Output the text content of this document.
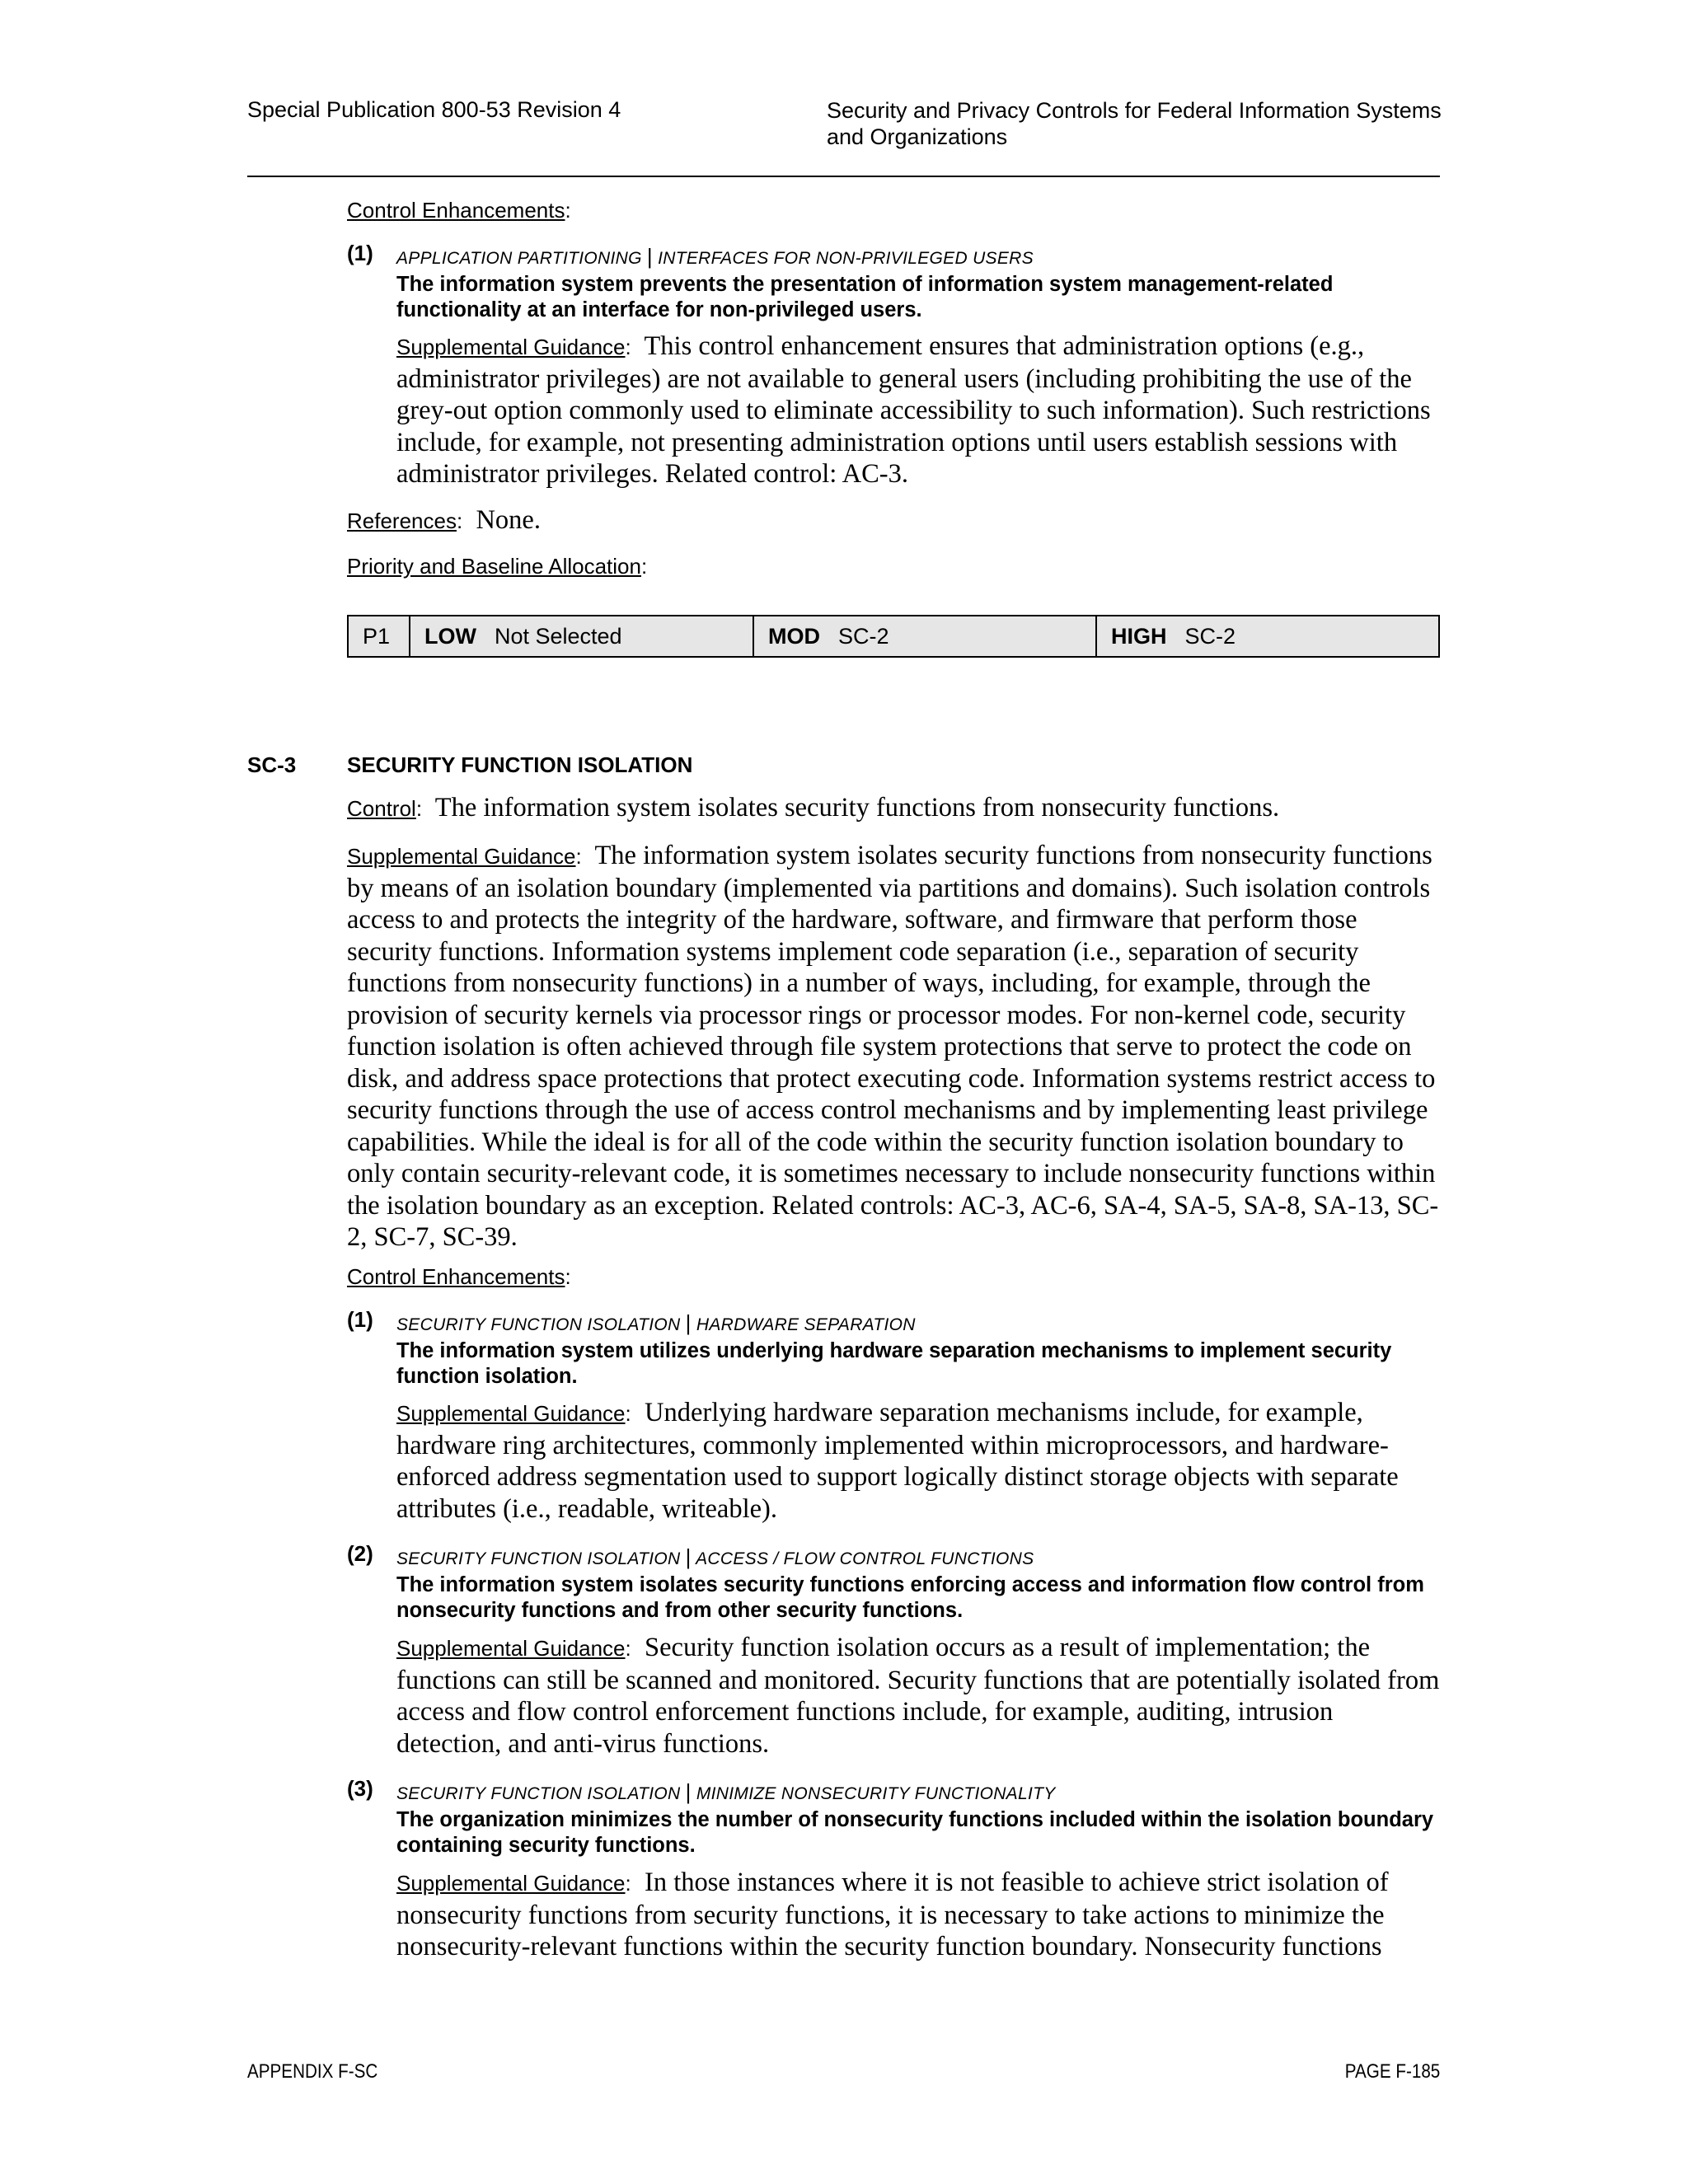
Special Publication 800-53 Revision 4	Security and Privacy Controls for Federal Information Systems
and Organizations
Control Enhancements:
(1) APPLICATION PARTITIONING | INTERFACES FOR NON-PRIVILEGED USERS
The information system prevents the presentation of information system management-related functionality at an interface for non-privileged users.
Supplemental Guidance: This control enhancement ensures that administration options (e.g., administrator privileges) are not available to general users (including prohibiting the use of the grey-out option commonly used to eliminate accessibility to such information). Such restrictions include, for example, not presenting administration options until users establish sessions with administrator privileges. Related control: AC-3.
References: None.
Priority and Baseline Allocation:
P1	LOW Not Selected	MOD SC-2	HIGH SC-2
SC-3 SECURITY FUNCTION ISOLATION
Control: The information system isolates security functions from nonsecurity functions.
Supplemental Guidance: The information system isolates security functions from nonsecurity functions by means of an isolation boundary (implemented via partitions and domains). Such isolation controls access to and protects the integrity of the hardware, software, and firmware that perform those security functions. Information systems implement code separation (i.e., separation of security functions from nonsecurity functions) in a number of ways, including, for example, through the provision of security kernels via processor rings or processor modes. For non-kernel code, security function isolation is often achieved through file system protections that serve to protect the code on disk, and address space protections that protect executing code. Information systems restrict access to security functions through the use of access control mechanisms and by implementing least privilege capabilities. While the ideal is for all of the code within the security function isolation boundary to only contain security-relevant code, it is sometimes necessary to include nonsecurity functions within the isolation boundary as an exception. Related controls: AC-3, AC-6, SA-4, SA-5, SA-8, SA-13, SC-2, SC-7, SC-39.
Control Enhancements:
(1) SECURITY FUNCTION ISOLATION | HARDWARE SEPARATION
The information system utilizes underlying hardware separation mechanisms to implement security function isolation.
Supplemental Guidance: Underlying hardware separation mechanisms include, for example, hardware ring architectures, commonly implemented within microprocessors, and hardware-enforced address segmentation used to support logically distinct storage objects with separate attributes (i.e., readable, writeable).
(2) SECURITY FUNCTION ISOLATION | ACCESS / FLOW CONTROL FUNCTIONS
The information system isolates security functions enforcing access and information flow control from nonsecurity functions and from other security functions.
Supplemental Guidance: Security function isolation occurs as a result of implementation; the functions can still be scanned and monitored. Security functions that are potentially isolated from access and flow control enforcement functions include, for example, auditing, intrusion detection, and anti-virus functions.
(3) SECURITY FUNCTION ISOLATION | MINIMIZE NONSECURITY FUNCTIONALITY
The organization minimizes the number of nonsecurity functions included within the isolation boundary containing security functions.
Supplemental Guidance: In those instances where it is not feasible to achieve strict isolation of nonsecurity functions from security functions, it is necessary to take actions to minimize the nonsecurity-relevant functions within the security function boundary. Nonsecurity functions
APPENDIX F-SC	PAGE F-185
